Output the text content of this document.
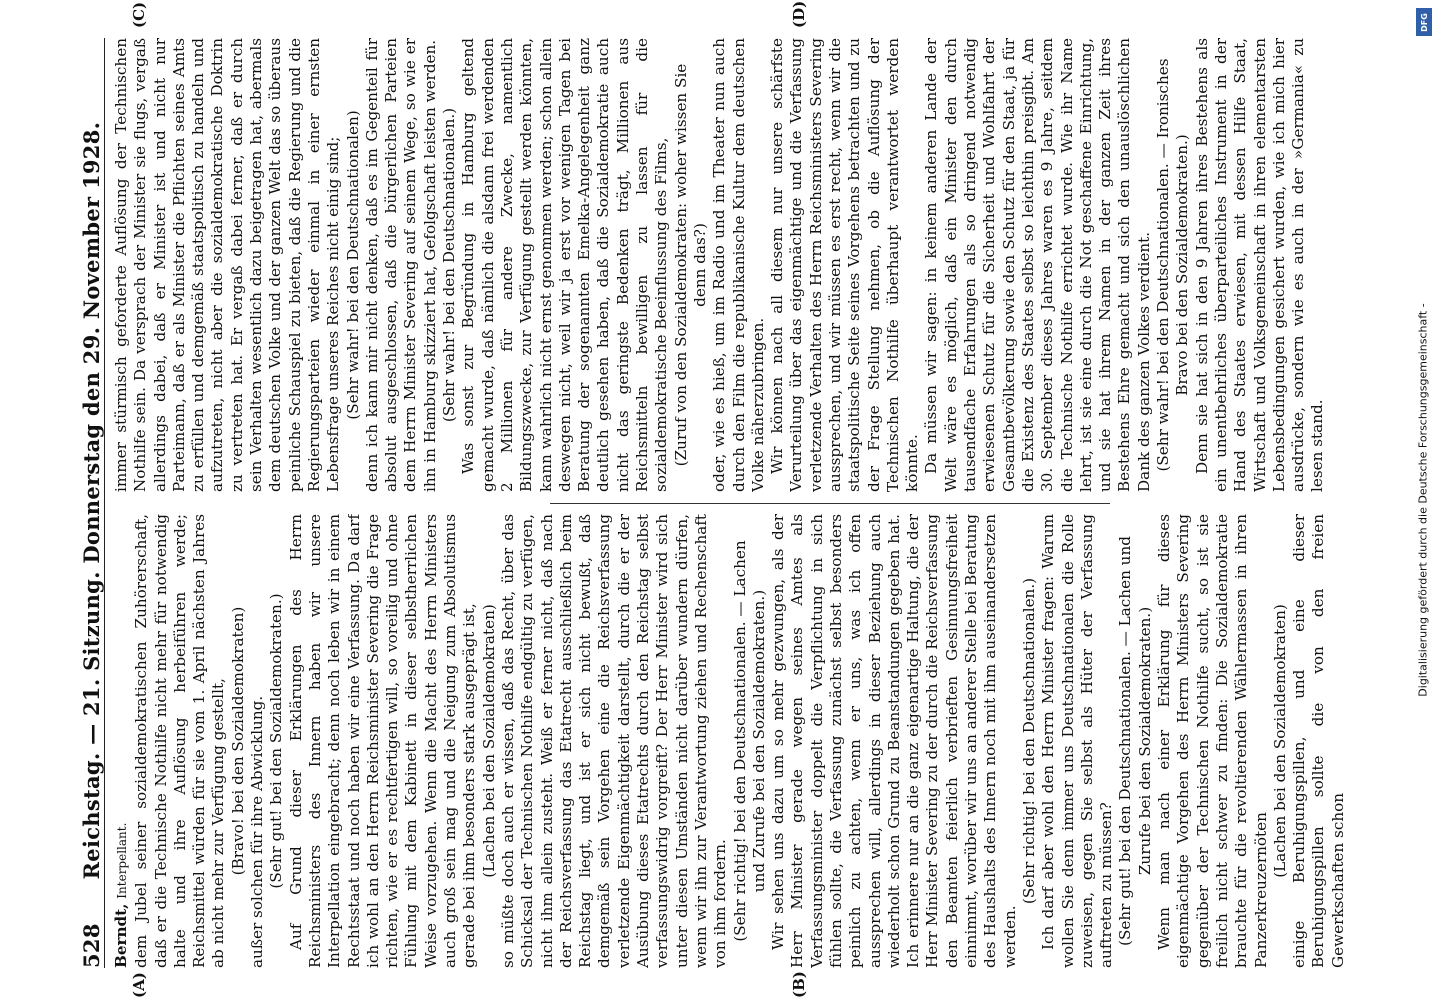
528
Reichstag. — 21. Sitzung. Donnerstag den 29. November 1928.

Berndt, Interpellant. dem Jubel seiner sozialdemokratischen Zuhörerschaft, daß er die Technische Nothilfe nicht mehr für notwendig halte und ihre Auflösung herbeiführen werde; Reichsmittel würden für sie vom 1. April nächsten Jahres ab nicht mehr zur Verfügung gestellt, (Bravo! bei den Sozialdemokraten) außer solchen für ihre Abwicklung. (Sehr gut! bei den Sozialdemokraten.) Auf Grund dieser Erklärungen des Herrn Reichsministers des Innern haben wir unsere Interpellation eingebracht; denn noch leben wir in einem Rechtsstaat und noch haben wir eine Verfassung. Da darf ich wohl an den Herrn Reichsminister Severing die Frage richten, wie er es rechtfertigen will, so voreilig und ohne Fühlung mit dem Kabinett in dieser selbstherrlichen Weise vorzugehen. Wenn die Macht des Herrn Ministers auch groß sein mag und die Neigung zum Absolutismus gerade bei ihm besonders stark ausgeprägt ist, (Lachen bei den Sozialdemokraten) so müßte doch auch er wissen, daß das Recht, über das Schicksal der Technischen Nothilfe endgültig zu verfügen, nicht ihm allein zusteht. Weiß er ferner nicht, daß nach der Reichsverfassung das Etatrecht ausschließlich beim Reichstag liegt, und ist er sich nicht bewußt, daß demgemäß sein Vorgehen eine die Reichsverfassung verletzende Eigenmächtigkeit darstellt, durch die er der Ausübung dieses Etatrechts durch den Reichstag selbst verfassungswidrig vorgreift? Der Herr Minister wird sich unter diesen Umständen nicht darüber wundern dürfen, wenn wir ihn zur Verantwortung ziehen und Rechenschaft von ihm fordern. (Sehr richtig! bei den Deutschnationalen. — Lachen und Zurufe bei den Sozialdemokraten.) Wir sehen uns dazu um so mehr gezwungen, als der Herr Minister gerade wegen seines Amtes als Verfassungsminister doppelt die Verpflichtung in sich fühlen sollte, die Verfassung zunächst selbst besonders peinlich zu achten, wenn er uns, was ich offen aussprechen will, allerdings in dieser Beziehung auch wiederholt schon Grund zu Beanstandungen gegeben hat. Ich erinnere nur an die ganz eigenartige Haltung, die der Herr Minister Severing zu der durch die Reichsverfassung den Beamten feierlich verbrieften Gesinnungsfreiheit einnimmt, worüber wir uns an anderer Stelle bei Beratung des Haushalts des Innern noch mit ihm auseinandersetzen werden.

(Sehr richtig! bei den Deutschnationalen.) Ich darf aber wohl den Herrn Minister fragen: Warum wollen Sie denn immer uns Deutschnationalen die Rolle zuweisen, gegen Sie selbst als Hüter der Verfassung auftreten zu müssen? (Sehr gut! bei den Deutschnationalen. — Lachen und Zurufe bei den Sozialdemokraten.) Wenn man nach einer Erklärung für dieses eigenmächtige Vorgehen des Herrn Ministers Severing gegenüber der Technischen Nothilfe sucht, so ist sie freilich nicht schwer zu finden: Die Sozialdemokratie brauchte für die revoltierenden Wählermassen in ihren Panzerkreuzernöten

(Lachen bei den Sozialdemokraten) einige Beruhigungspillen, und eine dieser Beruhigungspillen sollte die von den freien Gewerkschaften schon

immer stürmisch geforderte Auflösung der Technischen Nothilfe sein. Da versprach der Minister sie flugs, vergaß allerdings dabei, daß er Minister ist und nicht nur Parteimann, daß er als Minister die Pflichten seines Amts zu erfüllen und demgemäß staatspolitisch zu handeln und aufzutreten, nicht aber die sozialdemokratische Doktrin zu vertreten hat. Er vergaß dabei ferner, daß er durch sein Verhalten wesentlich dazu beigetragen hat, abermals dem deutschen Volke und der ganzen Welt das so überaus peinliche Schauspiel zu bieten, daß die Regierung und die Regierungsparteien wieder einmal in einer ernsten Lebensfrage unseres Reiches nicht einig sind; (Sehr wahr! bei den Deutschnationalen) denn ich kann mir nicht denken, daß es im Gegenteil für absolut ausgeschlossen, daß die bürgerlichen Parteien dem Herrn Minister Severing auf seinem Wege, so wie er ihn in Hamburg skizziert hat, Gefolgschaft leisten werden. (Sehr wahr! bei den Deutschnationalen.) Was sonst zur Begründung in Hamburg geltend gemacht wurde, daß nämlich die alsdann frei werdenden 2 Millionen für andere Zwecke, namentlich Bildungszwecke, zur Verfügung gestellt werden könnten, kann wahrlich nicht ernst genommen werden; schon allein deswegen nicht, weil wir ja erst vor wenigen Tagen bei Beratung der sogenannten Emelka-Angelegenheit ganz deutlich gesehen haben, daß die Sozialdemokratie auch nicht das geringste Bedenken trägt, Millionen aus Reichsmitteln bewilligen zu lassen für die sozialdemokratische Beeinflussung des Films, (Zuruf von den Sozialdemokraten: woher wissen Sie denn das?) oder, wie es hieß, um im Radio und im Theater nun auch durch den Film die republikanische Kultur dem deutschen Volke näherzubringen. Wir können nach all diesem nur unsere schärfste Verurteilung über das eigenmächtige und die Verfassung verletzende Verhalten des Herrn Reichsministers Severing aussprechen, und wir müssen es erst recht, wenn wir die staatspolitische Seite seines Vorgehens betrachten und zu der Frage Stellung nehmen, ob die Auflösung der Technischen Nothilfe überhaupt verantwortet werden könnte. Da müssen wir sagen: in keinem anderen Lande der Welt wäre es möglich, daß ein Minister den durch tausendfache Erfahrungen als so dringend notwendig erwiesenen Schutz für die Sicherheit und Wohlfahrt der Gesamtbevölkerung sowie den Schutz für den Staat, ja für die Existenz des Staates selbst so leichthin preisgibt. Am 30. September dieses Jahres waren es 9 Jahre, seitdem die Technische Nothilfe errichtet wurde. Wie ihr Name lehrt, ist sie eine durch die Not geschaffene Einrichtung, und sie hat ihrem Namen in der ganzen Zeit ihres Bestehens Ehre gemacht und sich den unauslöschlichen Dank des ganzen Volkes verdient. (Sehr wahr! bei den Deutschnationalen. — Ironisches Bravo bei den Sozialdemokraten.) Denn sie hat sich in den 9 Jahren ihres Bestehens als ein unentbehrliches überparteiliches Instrument in der Hand des Staates erwiesen, mit dessen Hilfe Staat, Wirtschaft und Volksgemeinschaft in ihren elementarsten Lebensbedingungen gesichert wurden, wie ich mich hier ausdrücke, sondern wie es auch in der »Germania« zu lesen stand.

(A)	(B)
(C)	(D)
Digitalisierung gefördert durch die Deutsche Forschungsgemeinschaft -
DFG
